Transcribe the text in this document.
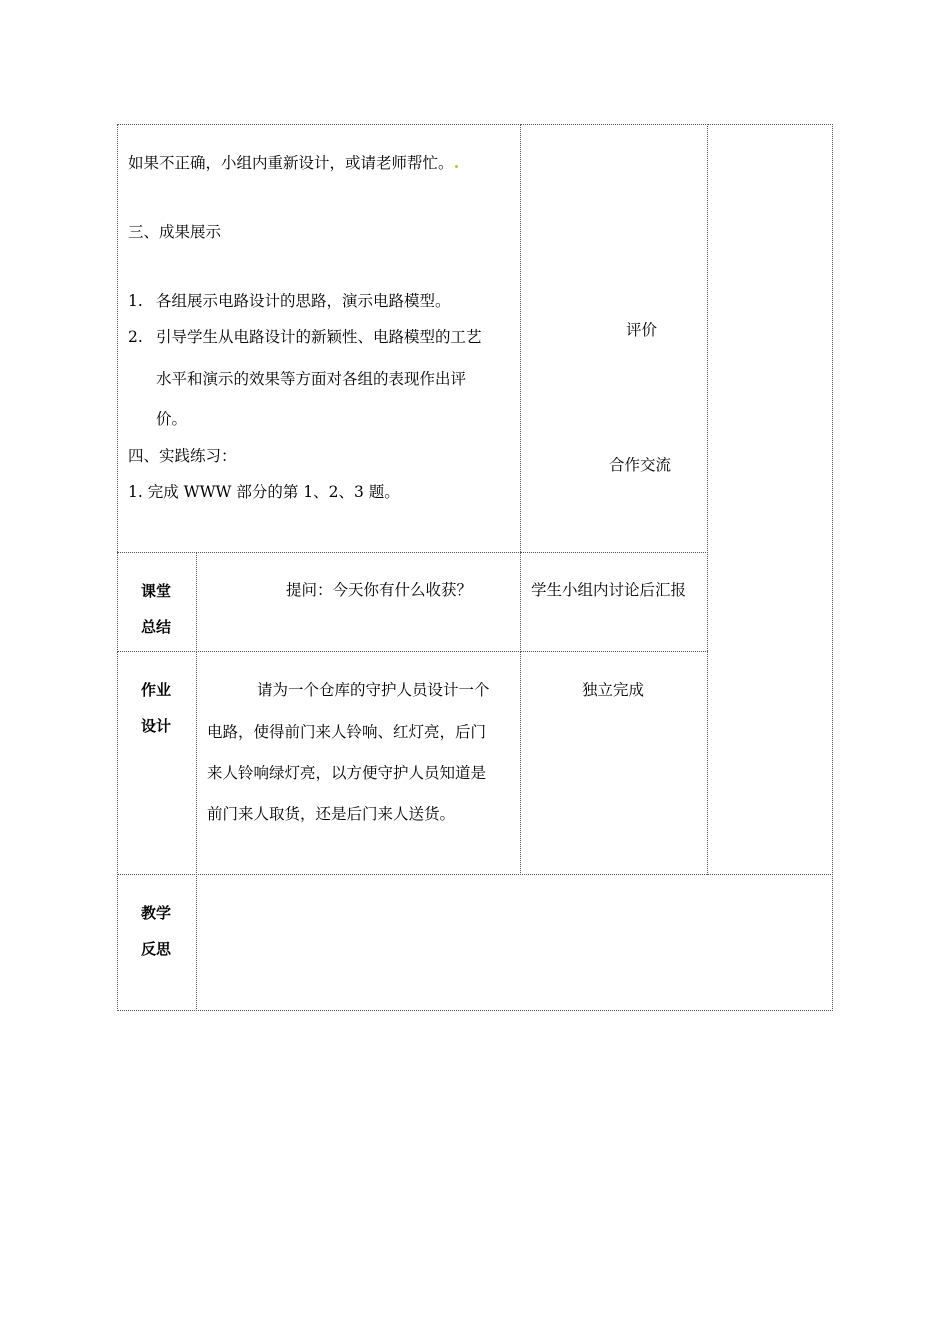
如果不正确，小组内重新设计，或请老师帮忙。
三、成果展示
1. 各组展示电路设计的思路，演示电路模型。
2. 引导学生从电路设计的新颖性、电路模型的工艺
水平和演示的效果等方面对各组的表现作出评
价。
四、实践练习：
1. 完成 WWW 部分的第 1、2、3 题。
评价
合作交流
课堂
总结
提问：今天你有什么收获？	学生小组内讨论后汇报
作业
设计
请为一个仓库的守护人员设计一个
电路，使得前门来人铃响、红灯亮，后门
来人铃响绿灯亮，以方便守护人员知道是
前门来人取货，还是后门来人送货。
独立完成
教学
反思
